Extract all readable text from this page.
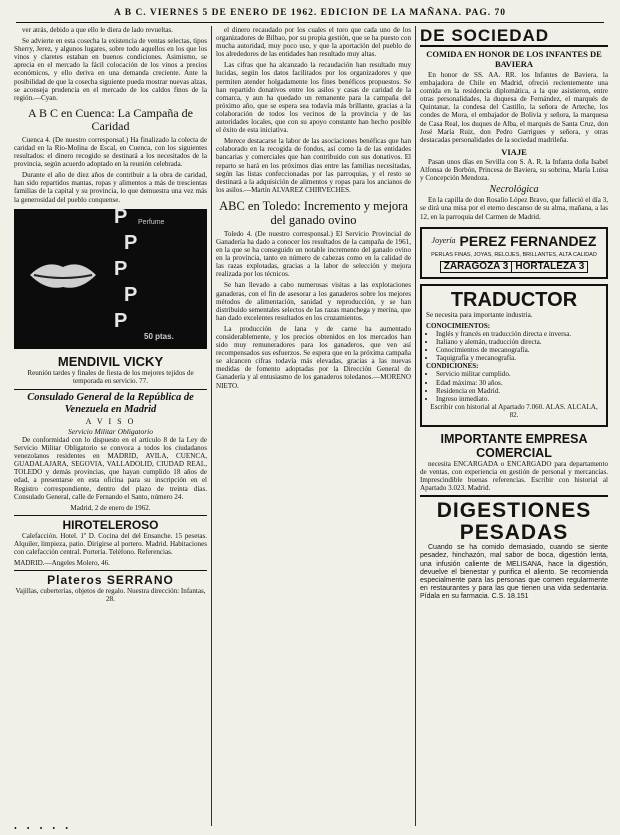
A B C. VIERNES 5 DE ENERO DE 1962. EDICION DE LA MAÑANA. PAG. 70

ver atrás, debido a que ello le diera de lado revueltas.

Se advierte en esta cosecha la existencia de ventas selectas, tipos Sherry, Jerez, y algunos lugares, sobre todo aquellos en los que los vinos y claretes estaban en buenos condiciones. Asimismo, se aprecia en el mercado la fácil colocación de los vinos a precios económicos, y ello deriva en una demanda creciente. Ante la posibilidad de que la cosecha siguiente pueda mostrar nuevas alzas, se aconseja prudencia en el mercado de los caldos finos de la región.—Cyan.

A B C en Cuenca: La Campaña de Caridad

Cuenca 4. (De nuestro corresponsal.) Ha finalizado la colecta de caridad en la Rio-Molina de Escal, en Cuenca, con los siguientes resultados: el dinero recogido se destinará a los necesitados de la provincia, según acuerdo adoptado en la reunión celebrada.

Durante el año de diez años de contribuir a la obra de caridad, han sido repartidos mantas, ropas y alimentos a más de trescientas familias de la capital y su provincia, lo que demuestra una vez más la generosidad del pueblo conquense.

P
P
P
P
P
Perfume
50 ptas.
MENDIVIL VICKY

Reunión tardes y finales de fiesta de los mejores tejidos de temporada en servicio. 77.

Consulado General de la República de Venezuela en Madrid
A V I S O
Servicio Militar Obligatorio

De conformidad con lo dispuesto en el artículo 8 de la Ley de Servicio Militar Obligatorio se convoca a todos los ciudadanos venezolanos residentes en MADRID, AVILA, CUENCA, GUADALAJARA, SEGOVIA, VALLADOLID, CIUDAD REAL, TOLEDO y demás provincias, que hayan cumplido 18 años de edad, a presentarse en esta oficina para su inscripción en el Registro correspondiente, dentro del plazo de treinta días. Consulado General, calle de Fernando el Santo, número 24.

Madrid, 2 de enero de 1962.

HIROTELEROSO

Calefacción. Hotel. 1º D. Cocina del del Ensanche. 15 pesetas. Alquiler, limpieza, patio. Dirigirse al portero. Madrid. Habitaciones con calefacción central. Portería. Teléfono. Referencias.

MADRID.—Angeles Molero, 46.

Plateros SERRANO

Vajillas, cuberterías, objetos de regalo. Nuestra dirección: Infantas, 28.

el dinero recaudado por los cuales el toro que cada uno de los organizadores de Bilbao, por su propia gestión, que se ha puesto con mucha autoridad, muy poco uso, y que la aportación del pueblo de los alrededores de las entidades han resultado muy altas.

Las cifras que ha alcanzado la recaudación han resultado muy lucidas, según los datos facilitados por los organizadores y que permiten atender holgadamente los fines benéficos propuestos. Se han repartido donativos entre los asilos y casas de caridad de la comarca, y aun ha quedado un remanente para la campaña del próximo año, que se espera sea todavía más brillante, gracias a la colaboración de todos los vecinos de la provincia y de las autoridades locales, que con su apoyo constante han hecho posible el éxito de esta iniciativa.

Merece destacarse la labor de las asociaciones benéficas que han colaborado en la recogida de fondos, así como la de las entidades bancarias y comerciales que han contribuido con sus donativos. El reparto se hará en los próximos días entre las familias necesitadas, según las listas confeccionadas por las parroquias, y el resto se destinará a la adquisición de alimentos y ropas para los ancianos de los asilos.—Martín ALVAREZ CHIRVECHES.

ABC en Toledo: Incremento y mejora del ganado ovino

Toledo 4. (De nuestro corresponsal.) El Servicio Provincial de Ganadería ha dado a conocer los resultados de la campaña de 1961, en la que se ha conseguido un notable incremento del ganado ovino en la provincia, tanto en número de cabezas como en la calidad de las razas explotadas, gracias a la labor de selección y mejora realizada por los técnicos.

Se han llevado a cabo numerosas visitas a las explotaciones ganaderas, con el fin de asesorar a los ganaderos sobre los mejores métodos de alimentación, sanidad y reproducción, y se han distribuido sementales selectos de las razas manchega y merina, que han dado excelentes resultados en los cruzamientos.

La producción de lana y de carne ha aumentado considerablemente, y los precios obtenidos en los mercados han sido muy remuneradores para los ganaderos, que ven así recompensados sus esfuerzos. Se espera que en la próxima campaña se alcancen cifras todavía más elevadas, gracias a las nuevas medidas de fomento adoptadas por la Dirección General de Ganadería y al entusiasmo de los ganaderos toledanos.—MORENO NIETO.

DE SOCIEDAD
COMIDA EN HONOR DE LOS INFANTES DE BAVIERA

En honor de SS. AA. RR. los Infantes de Baviera, la embajadora de Chile en Madrid, ofreció recientemente una comida en la residencia diplomática, a la que asistieron, entre otras personalidades, la duquesa de Fernández, el marqués de Quintanar, la condesa del Castillo, la señora de Arteche, los condes de Mora, el embajador de Bolivia y señora, la marquesa de Casa Real, los duques de Alba, el marqués de Santa Cruz, don José María Ruiz, don Pedro Garrigues y señora, y otras destacadas personalidades de la sociedad madrileña.

VIAJE

Pasan unos días en Sevilla con S. A. R. la Infanta doña Isabel Alfonsa de Borbón, Princesa de Baviera, su sobrina, María Luisa y Concepción Mendoza.

Necrológica

En la capilla de don Rosalío López Bravo, que falleció el día 3, se dirá una misa por el eterno descanso de su alma, mañana, a las 12, en la parroquia del Carmen de Madrid.

Joyería PEREZ FERNANDEZ
PERLAS FINAS, JOYAS, RELOJES, BRILLANTES, ALTA CALIDAD
ZARAGOZA 3 HORTALEZA 3
TRADUCTOR

Se necesita para importante industria.

CONOCIMIENTOS:
• Inglés y francés en traducción directa e inversa.
• Italiano y alemán, traducción directa.
• Conocimientos de mecanografía.
• Taquigrafía y mecanografía.
CONDICIONES:
• Servicio militar cumplido.
• Edad máxima: 30 años.
• Residencia en Madrid.
• Ingreso inmediato.

Escribir con historial al Apartado 7.060. ALAS. ALCALA, 82.

IMPORTANTE EMPRESA COMERCIAL

necesita ENCARGADA o ENCARGADO para departamento de ventas, con experiencia en gestión de personal y mercancías. Imprescindible buenas referencias. Escribir con historial al Apartado 3.023. Madrid.

DIGESTIONES PESADAS

Cuando se ha comido demasiado, cuando se siente pesadez, hinchazón, mal sabor de boca, digestión lenta, una infusión caliente de MELISANA, hace la digestión, devuelve el bienestar y purifica el aliento. Se recomienda especialmente para las personas que comen regularmente en restaurantes y para las que tienen una vida sedentaria. Pídala en su farmacia. C.S. 18.151

• • • • •
